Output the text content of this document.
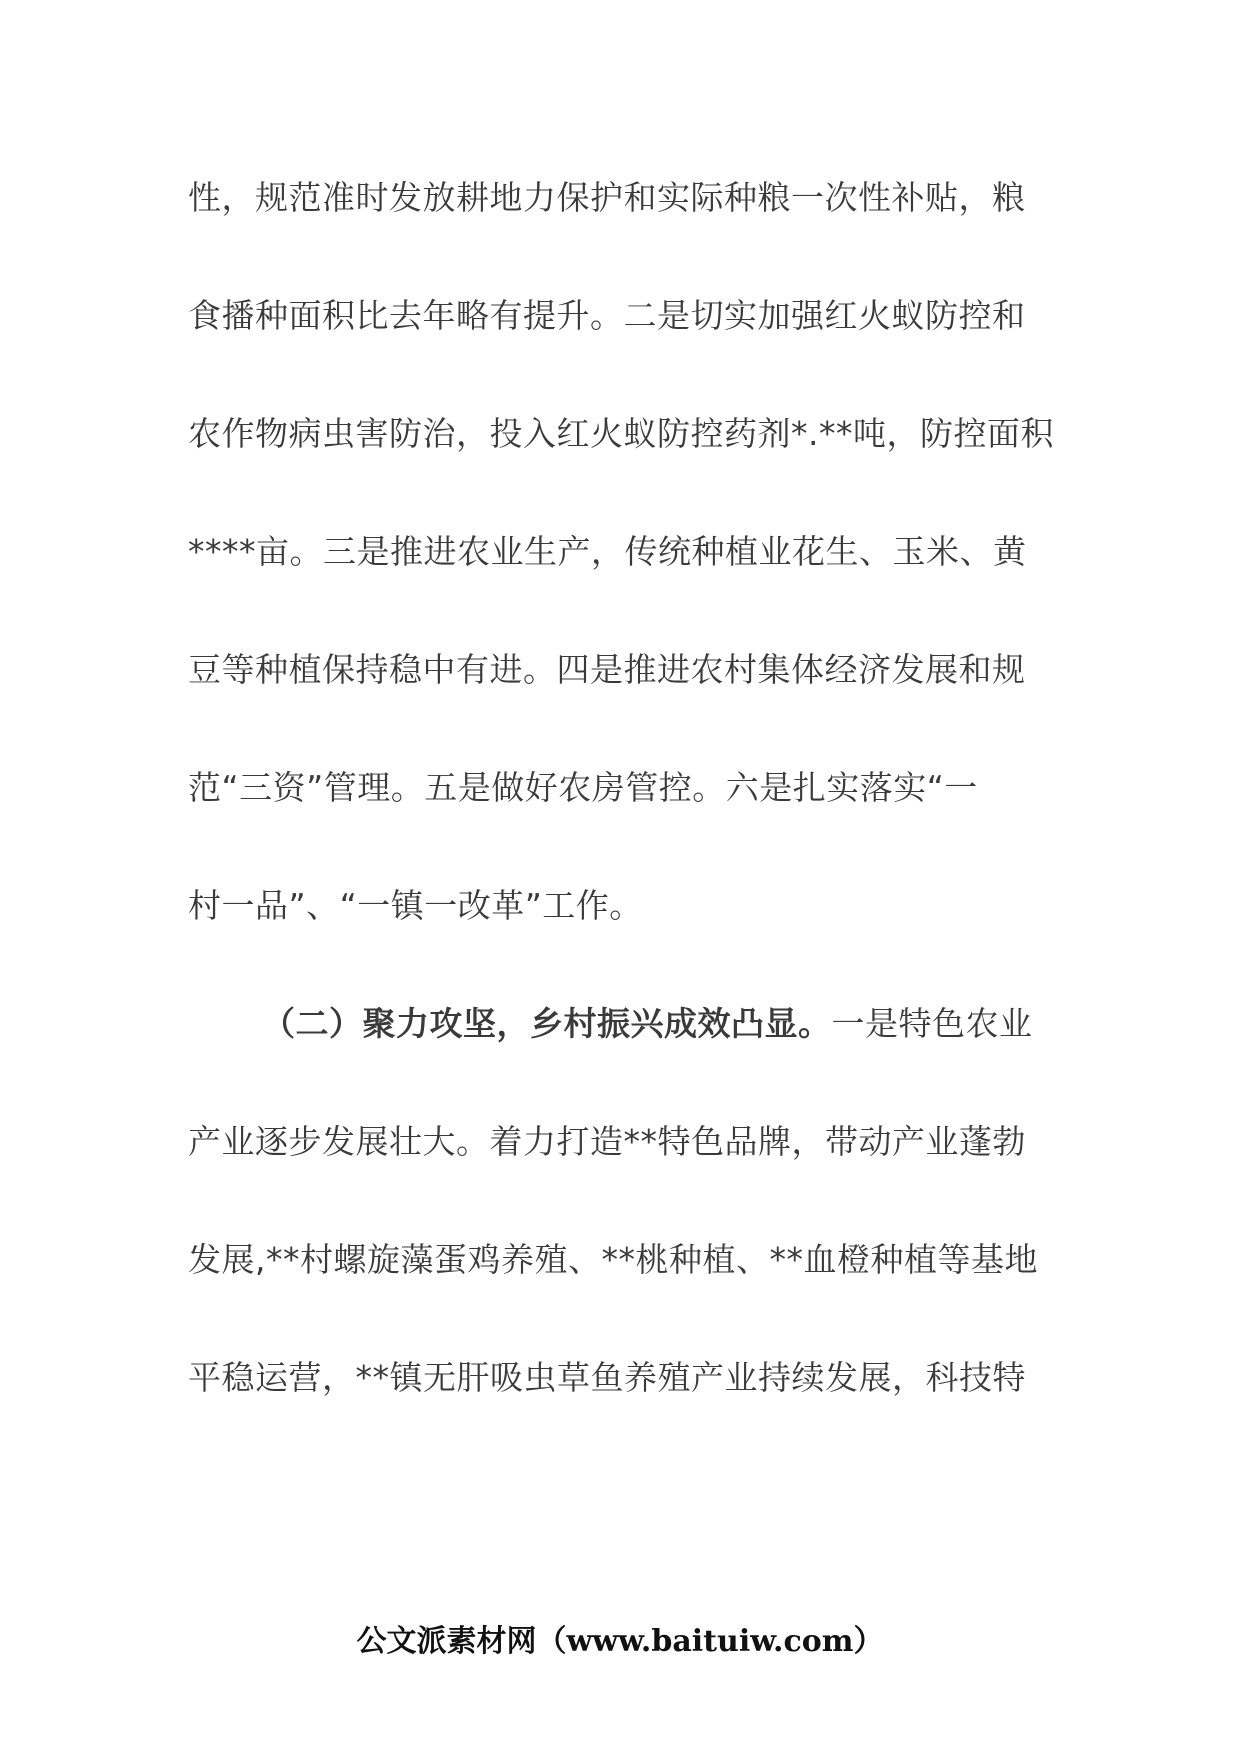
性，规范准时发放耕地力保护和实际种粮一次性补贴，粮
食播种面积比去年略有提升。二是切实加强红火蚁防控和
农作物病虫害防治，投入红火蚁防控药剂*.**吨，防控面积
****亩。三是推进农业生产，传统种植业花生、玉米、黄
豆等种植保持稳中有进。四是推进农村集体经济发展和规
范“三资”管理。五是做好农房管控。六是扎实落实“一
村一品”、“一镇一改革”工作。
（二）聚力攻坚，乡村振兴成效凸显。一是特色农业
产业逐步发展壮大。着力打造**特色品牌，带动产业蓬勃
发展,**村螺旋藻蛋鸡养殖、**桃种植、**血橙种植等基地
平稳运营，**镇无肝吸虫草鱼养殖产业持续发展，科技特
公文派素材网（www.baituiw.com）
